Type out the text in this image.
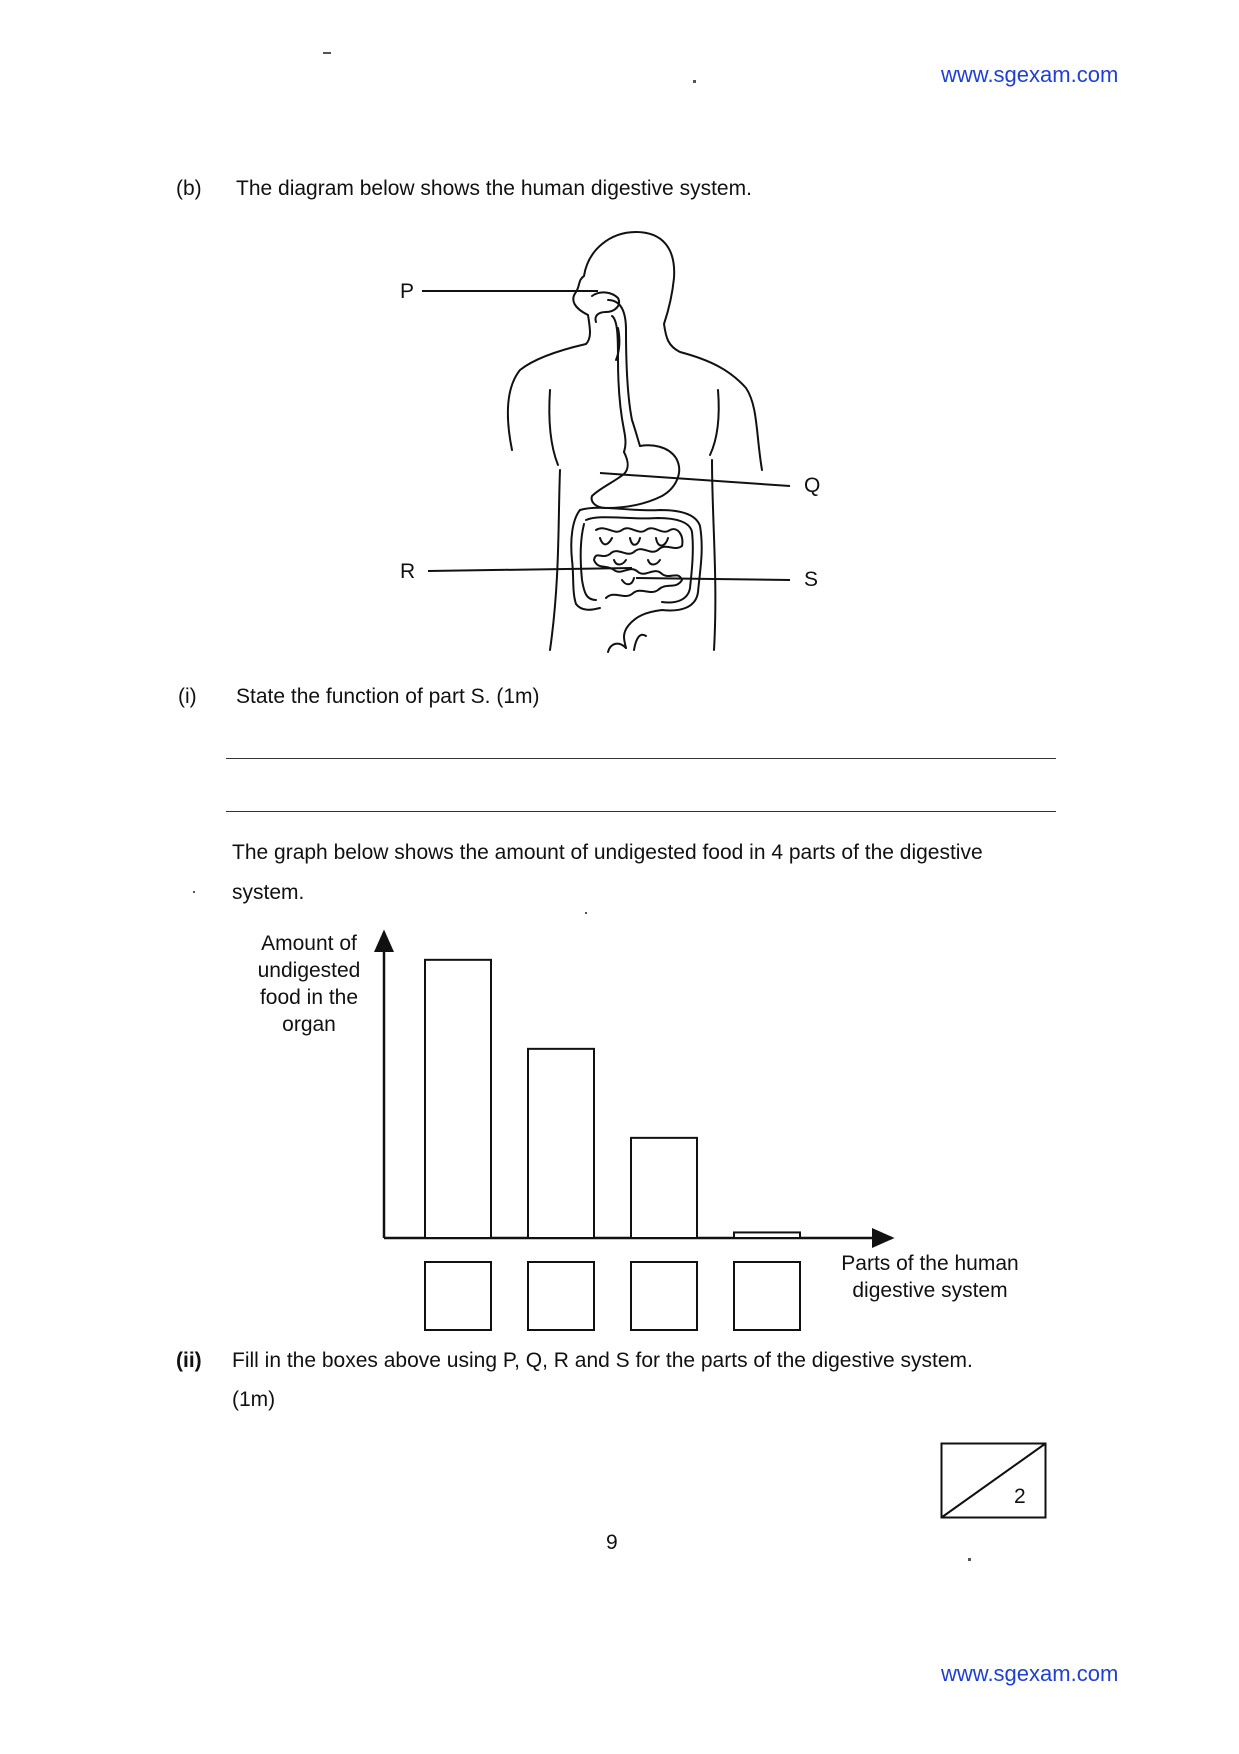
www.sgexam.com
(b) The diagram below shows the human digestive system.
P
Q
R	S
(i) State the function of part S. (1m)
The graph below shows the amount of undigested food in 4 parts of the digestive
system.
Amount of
undigested
food in the
organ
Parts of the human
digestive system
(ii) Fill in the boxes above using P, Q, R and S for the parts of the digestive system.
(1m)
2
9
www.sgexam.com
